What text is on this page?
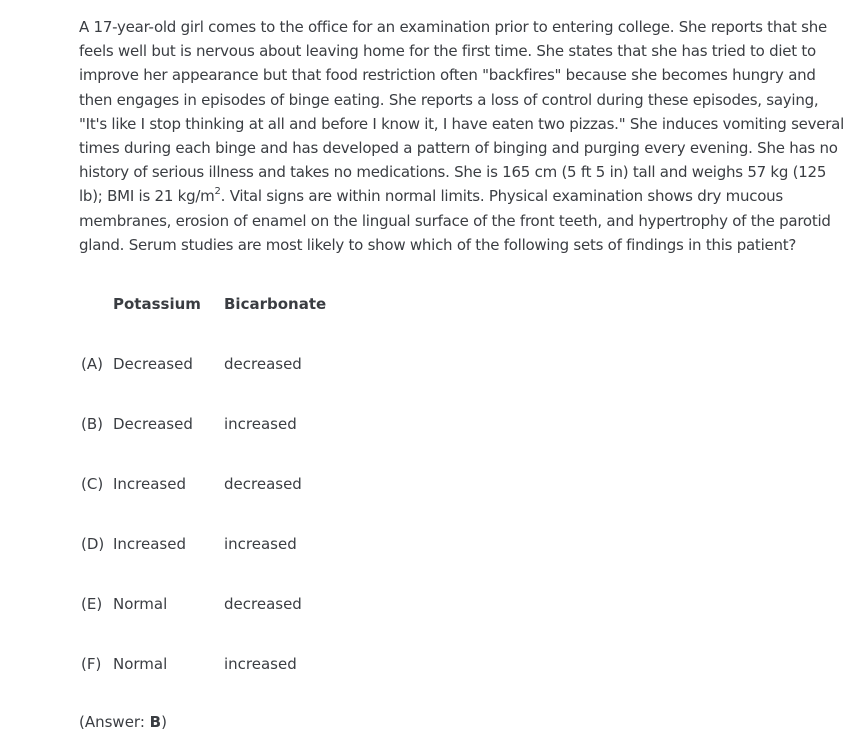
A 17-year-old girl comes to the office for an examination prior to entering college. She reports that she feels well but is nervous about leaving home for the first time. She states that she has tried to diet to improve her appearance but that food restriction often "backfires" because she becomes hungry and then engages in episodes of binge eating. She reports a loss of control during these episodes, saying, "It's like I stop thinking at all and before I know it, I have eaten two pizzas." She induces vomiting several times during each binge and has developed a pattern of binging and purging every evening. She has no history of serious illness and takes no medications. She is 165 cm (5 ft 5 in) tall and weighs 57 kg (125 lb); BMI is 21 $kg/m^2$. Vital signs are within normal limits. Physical examination shows dry mucous membranes, erosion of enamel on the lingual surface of the front teeth, and hypertrophy of the parotid gland. Serum studies are most likely to show which of the following sets of findings in this patient?

Potassium Bicarbonate
(A) Decreased decreased
(B) Decreased increased
(C) Increased	decreased
(D) Increased	increased
(E) Normal	decreased
(F) Normal	increased
(Answer: B)
